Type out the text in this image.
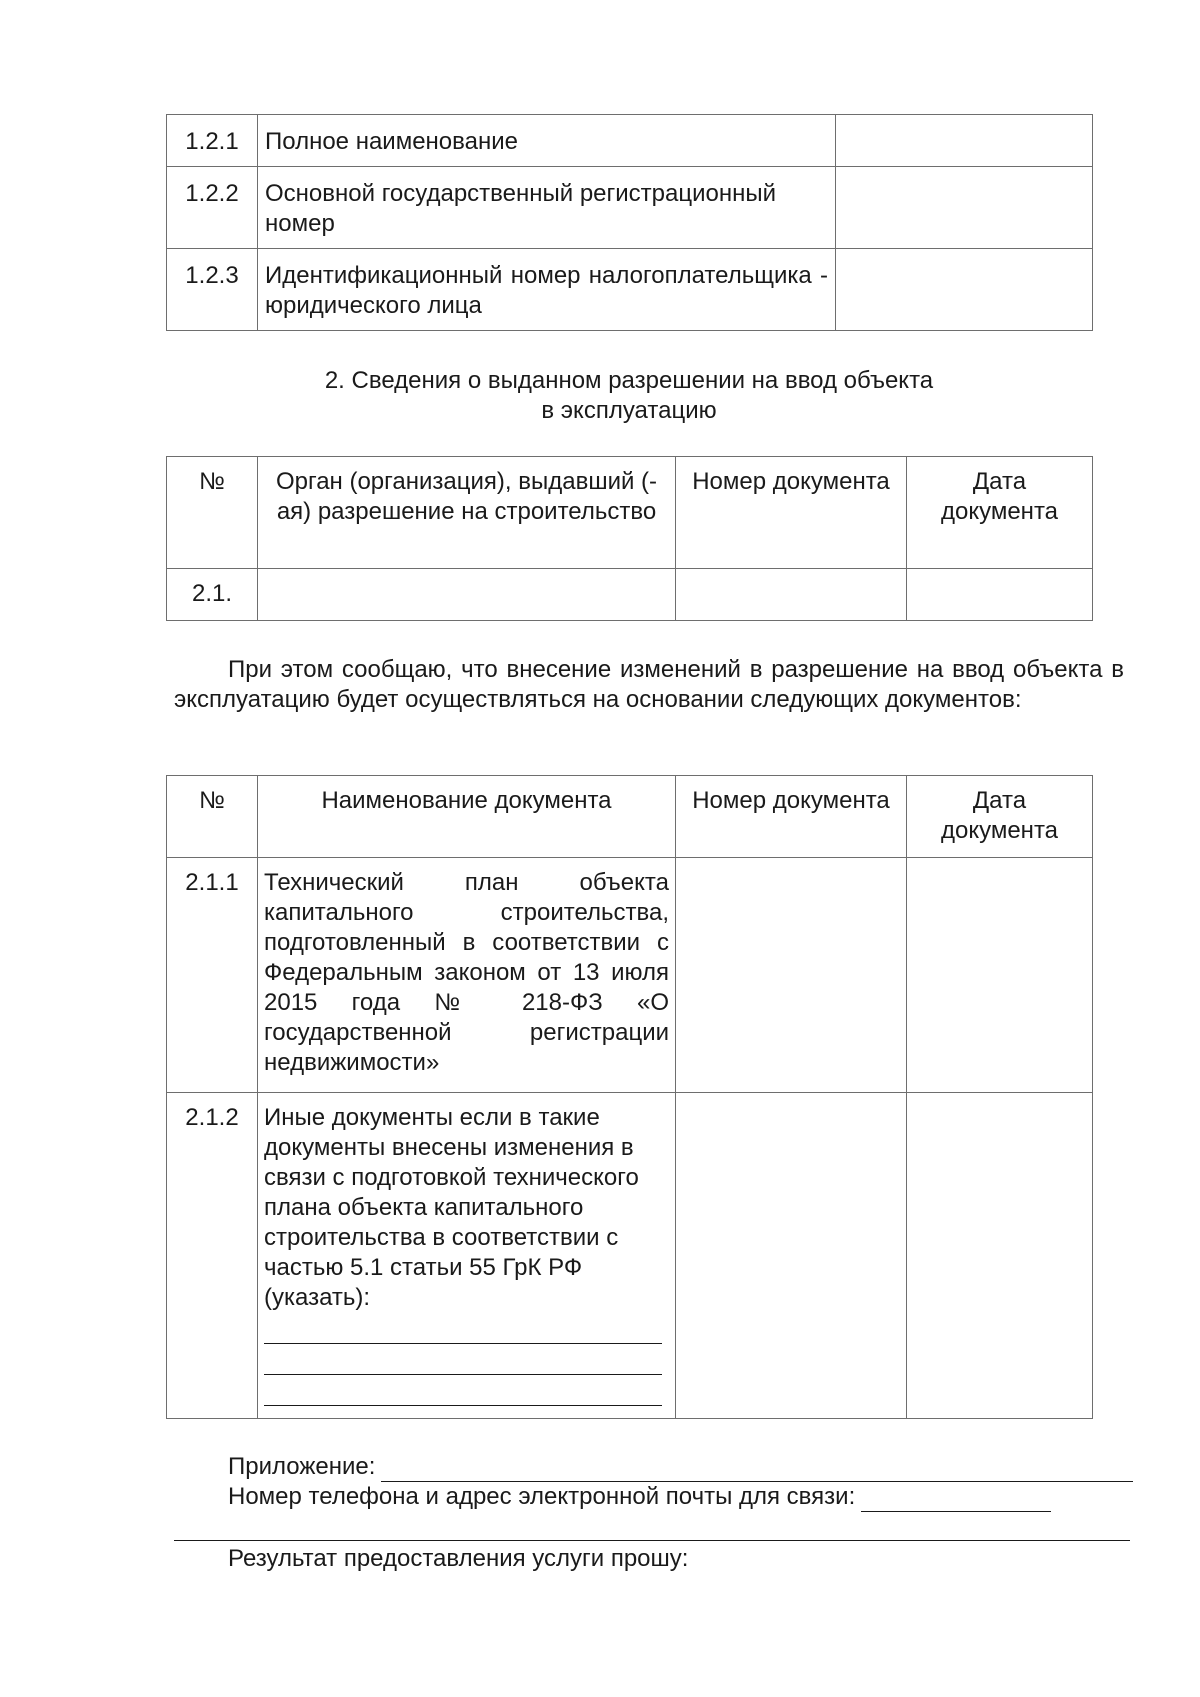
1.2.1	Полное наименование	
1.2.2	Основной государственный регистрационный номер	
1.2.3	Идентификационный номер налогоплательщика - юридического лица	
2. Сведения о выданном разрешении на ввод объекта
в эксплуатацию
№	Орган (организация), выдавший (-ая) разрешение на строительство	Номер документа	Дата документа
2.1.			

При этом сообщаю, что внесение изменений в разрешение на ввод объекта в эксплуатацию будет осуществляться на основании следующих документов:

№	Наименование документа	Номер документа	Дата документа
2.1.1	Технический план объекта капитального строительства, подготовленный в соответствии с Федеральным законом от 13 июля 2015 года № 218-ФЗ «О государственной регистрации недвижимости»		
2.1.2	Иные документы если в такие документы внесены изменения в связи с подготовкой технического плана объекта капитального строительства в соответствии с частью 5.1 статьи 55 ГрК РФ (указать):		

Приложение:
Номер телефона и адрес электронной почты для связи:
Результат предоставления услуги прошу:
